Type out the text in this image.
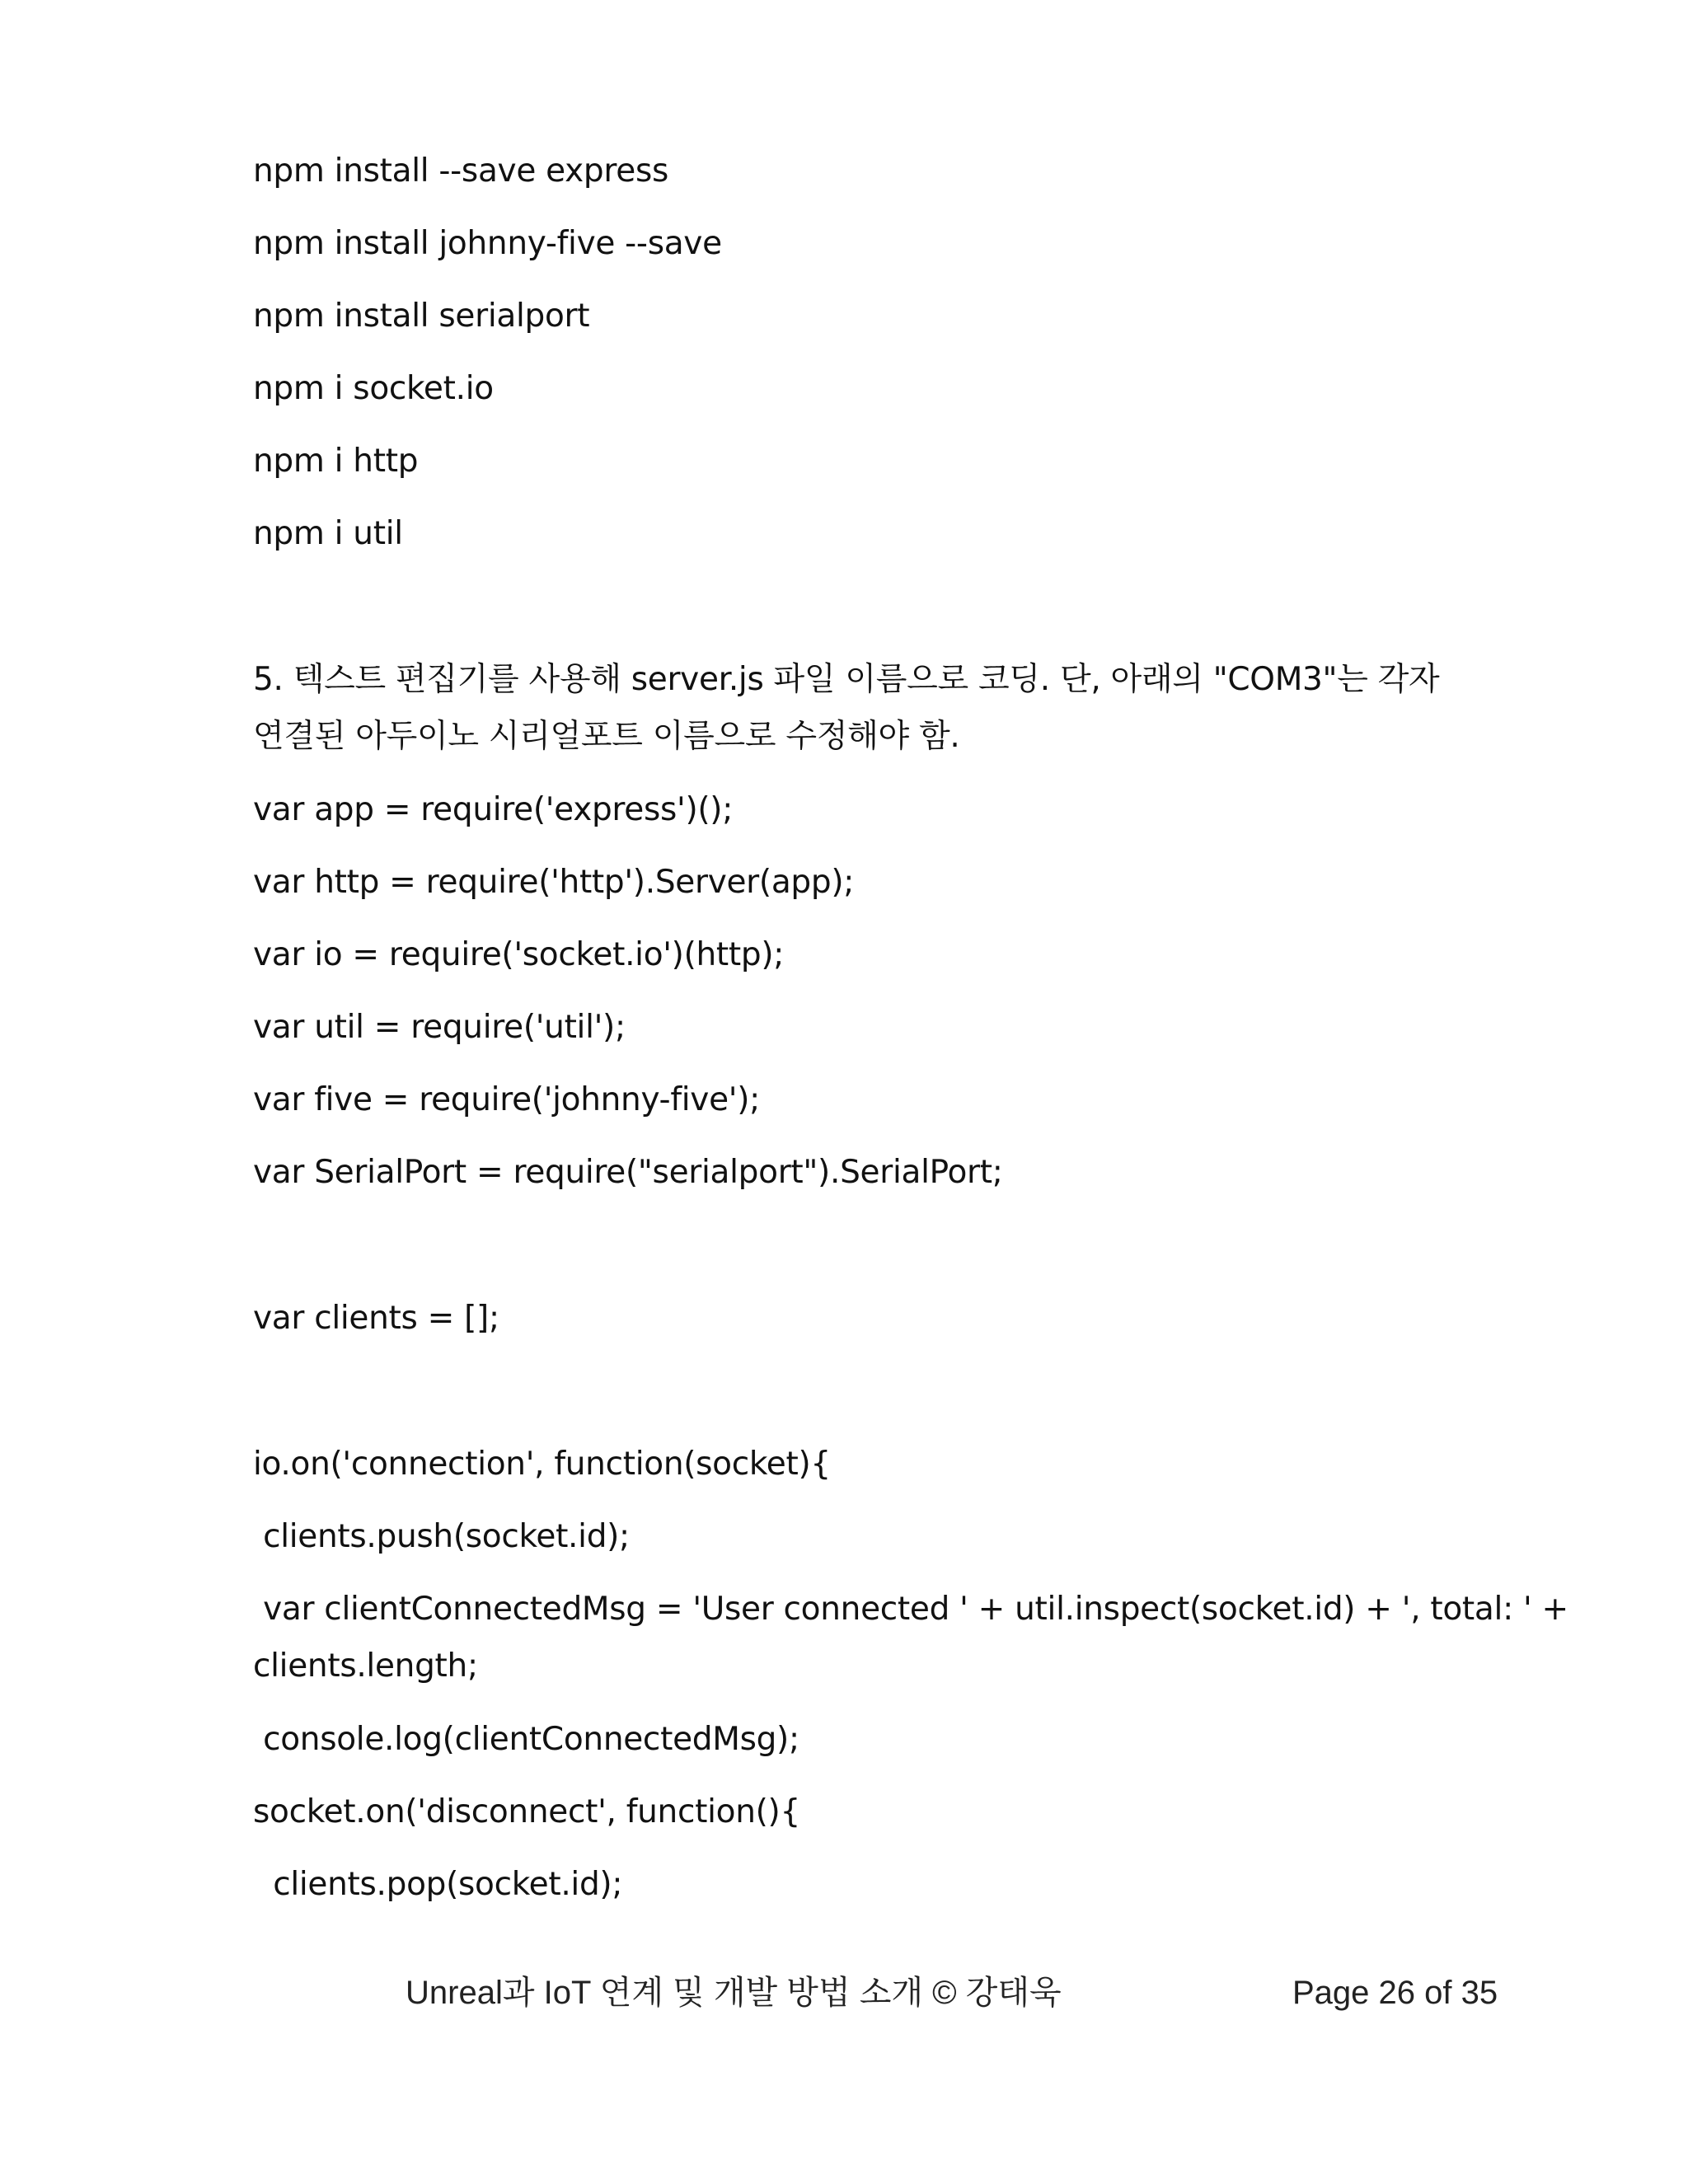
npm install --save express
npm install johnny-five --save
npm install serialport
npm i socket.io
npm i http
npm i util
5. 텍스트 편집기를 사용해 server.js 파일 이름으로 코딩. 단, 아래의 "COM3"는 각자
연결된 아두이노 시리얼포트 이름으로 수정해야 함.
var app = require('express')();
var http = require('http').Server(app);
var io = require('socket.io')(http);
var util = require('util');
var five = require('johnny-five');
var SerialPort = require("serialport").SerialPort;
var clients = [];
io.on('connection', function(socket){
clients.push(socket.id);
var clientConnectedMsg = 'User connected ' + util.inspect(socket.id) + ', total: ' +
clients.length;
console.log(clientConnectedMsg);
socket.on('disconnect', function(){
clients.pop(socket.id);
Unreal과 IoT 연계 및 개발 방법 소개 © 강태욱	Page 26 of 35
